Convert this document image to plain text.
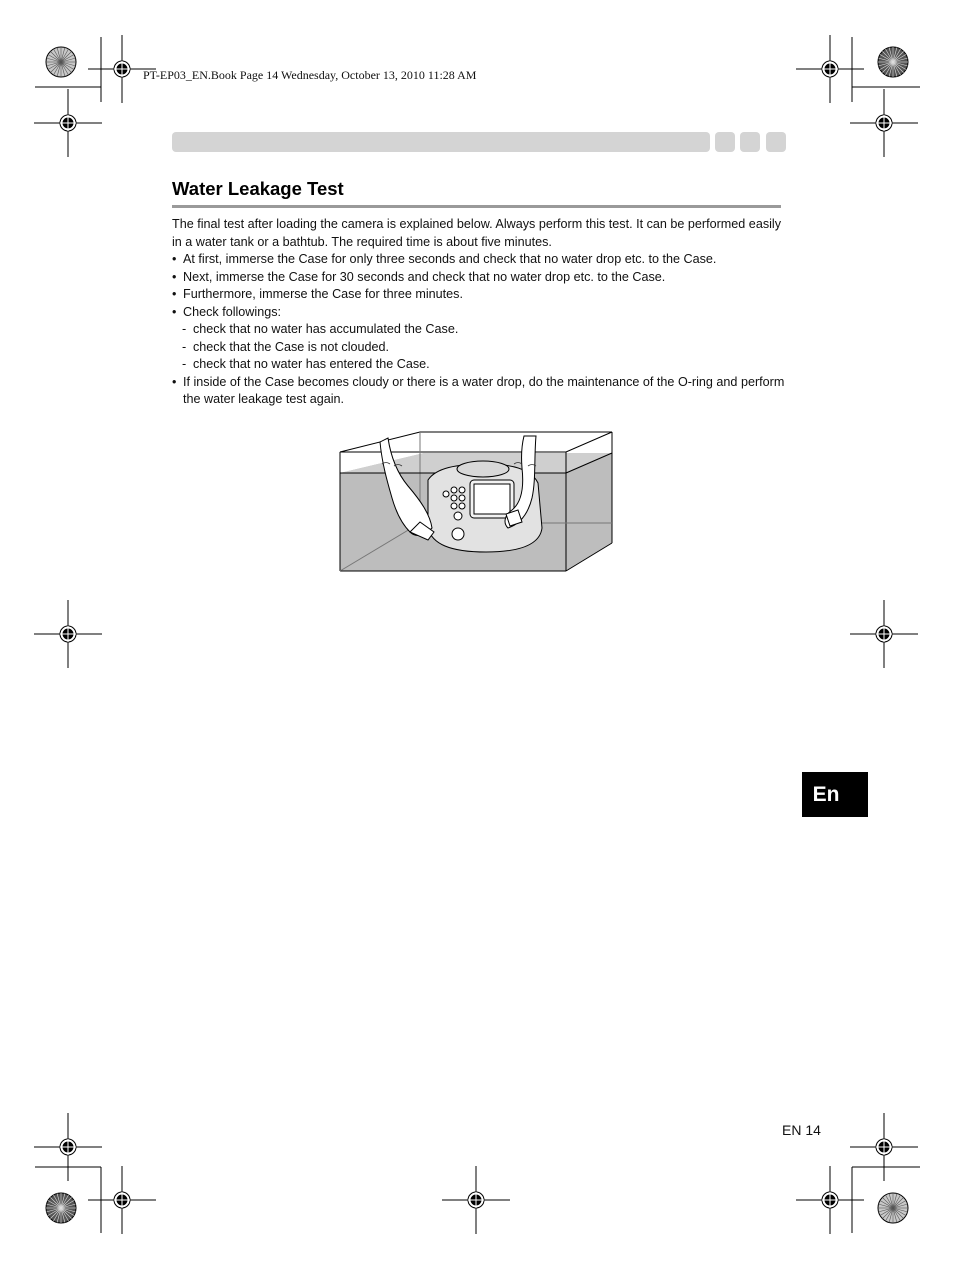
PT-EP03_EN.Book Page 14 Wednesday, October 13, 2010 11:28 AM
Water Leakage Test

The final test after loading the camera is explained below. Always perform this test. It can be performed easily in a water tank or a bathtub. The required time is about five minutes.

• At first, immerse the Case for only three seconds and check that no water drop etc. to the Case.
• Next, immerse the Case for 30 seconds and check that no water drop etc. to the Case.
• Furthermore, immerse the Case for three minutes.
• Check followings:
- check that no water has accumulated the Case.
- check that the Case is not clouded.
- check that no water has entered the Case.
• If inside of the Case becomes cloudy or there is a water drop, do the maintenance of the O-ring and perform the water leakage test again.
En
EN 14
